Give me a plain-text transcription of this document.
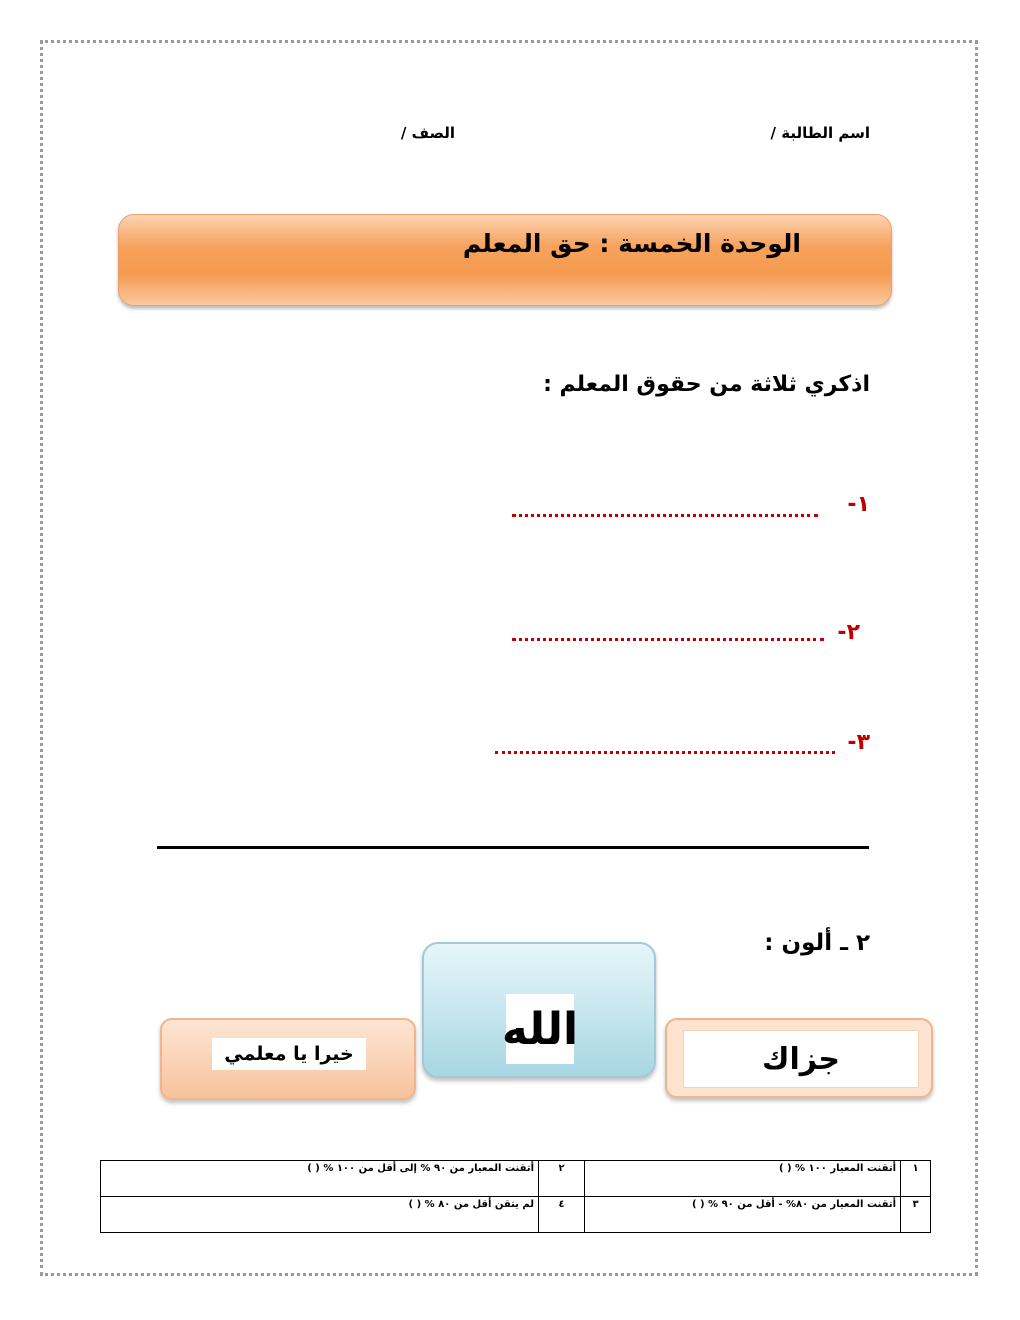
اسم الطالبة /
الصف /
الوحدة الخمسة : حق المعلم
اذكري ثلاثة من حقوق المعلم :
١-
٢-
٣-
٢ ـ ألون :
جزاك
الله
خيرا يا معلمي
١	أتقنت المعيار ١٠٠ % ( )	٢	أتقنت المعيار من ٩٠ % إلى أقل من ١٠٠ % ( )
٣	أتقنت المعيار من ٨٠% - أقل من ٩٠ % ( )	٤	لم يتقن أقل من ٨٠ % ( )
